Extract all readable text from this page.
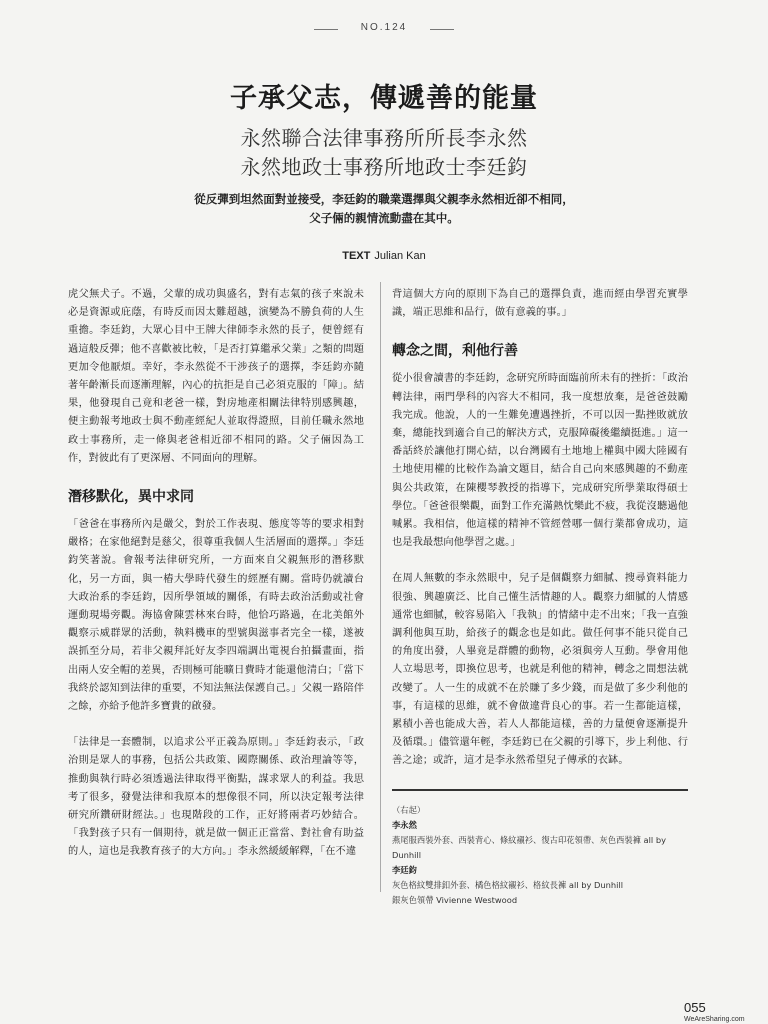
NO.124
子承父志，傳遞善的能量
永然聯合法律事務所所長李永然
永然地政士事務所地政士李廷鈞
從反彈到坦然面對並接受，李廷鈞的職業選擇與父親李永然相近卻不相同，
父子倆的親情流動盡在其中。
TEXT Julian Kan

虎父無犬子。不過，父輩的成功與盛名，對有志氣的孩子來說未必是資源或庇蔭，有時反而因太難超越，演變為不勝負荷的人生重擔。李廷鈞，大眾心目中王牌大律師李永然的長子，便曾經有過這般反彈；他不喜歡被比較，「是否打算繼承父業」之類的問題更加令他厭煩。幸好，李永然從不干涉孩子的選擇，李廷鈞亦隨著年齡漸長而逐漸理解，內心的抗拒是自己必須克服的「障」。結果，他發現自己竟和老爸一樣，對房地產相關法律特別感興趣，便主動報考地政士與不動產經紀人並取得證照，目前任職永然地政士事務所，走一條與老爸相近卻不相同的路。父子倆因為工作，對彼此有了更深層、不同面向的理解。

潛移默化，異中求同

「爸爸在事務所內是嚴父，對於工作表現、態度等等的要求相對嚴格；在家他絕對是慈父，很尊重我個人生活層面的選擇。」李廷鈞笑著說。會報考法律研究所，一方面來自父親無形的潛移默化，另一方面，與一樁大學時代發生的經歷有關。當時仍就讀台大政治系的李廷鈞，因所學領域的關係，有時去政治活動或社會運動現場旁觀。海協會陳雲林來台時，他恰巧路過，在北美館外觀察示威群眾的活動，執料機車的型號與滋事者完全一樣，遂被誤抓至分局，若非父親拜託好友李四端調出電視台拍攝畫面，指出兩人安全帽的差異，否則極可能曠日費時才能還他清白；「當下我終於認知到法律的重要，不知法無法保護自己。」父親一路陪伴之餘，亦給予他許多寶貴的啟發。

「法律是一套體制，以追求公平正義為原則。」李廷鈞表示，「政治則是眾人的事務，包括公共政策、國際關係、政治理論等等，推動與執行時必須透過法律取得平衡點，謀求眾人的利益。我思考了很多，發覺法律和我原本的想像很不同，所以決定報考法律研究所鑽研財經法。」也現階段的工作，正好將兩者巧妙結合。「我對孩子只有一個期待，就是做一個正正當當、對社會有助益的人，這也是我教育孩子的大方向。」李永然緩緩解釋，「在不違

背這個大方向的原則下為自己的選擇負責，進而經由學習充實學識，端正思維和品行，做有意義的事。」

轉念之間，利他行善

從小很會讀書的李廷鈞，念研究所時面臨前所未有的挫折：「政治轉法律，兩門學科的內容大不相同，我一度想放棄，是爸爸鼓勵我完成。他說，人的一生難免遭遇挫折，不可以因一點挫敗就放棄，總能找到適合自己的解決方式，克服障礙後繼續挺進。」這一番話終於讓他打開心結，以台灣國有土地地上權與中國大陸國有土地使用權的比較作為論文題目，結合自己向來感興趣的不動產與公共政策，在陳櫻琴教授的指導下，完成研究所學業取得碩士學位。「爸爸很樂觀，面對工作充滿熱忱樂此不疲，我從沒聽過他喊累。我相信，他這樣的精神不管經營哪一個行業都會成功，這也是我最想向他學習之處。」

在周人無數的李永然眼中，兒子是個觀察力細膩、搜尋資料能力很強、興趣廣泛、比自己懂生活情趣的人。觀察力細膩的人情感通常也細膩，較容易陷入「我執」的情緒中走不出來；「我一直強調利他與互助，給孩子的觀念也是如此。做任何事不能只從自己的角度出發，人畢竟是群體的動物，必須與旁人互動。學會用他人立場思考，即換位思考，也就是利他的精神，轉念之間想法就改變了。人一生的成就不在於賺了多少錢，而是做了多少利他的事，有這樣的思維，就不會做違背良心的事。若一生都能這樣，累積小善也能成大善，若人人都能這樣，善的力量便會逐漸提升及循環。」儘管還年輕，李廷鈞已在父親的引導下，步上利他、行善之途；或許，這才是李永然希望兒子傳承的衣缽。

（右起）
李永然
燕尾服西裝外套、西裝背心、條紋襯衫、復古印花領帶、灰色西裝褲 all by Dunhill
李廷鈞
灰色格紋雙排釦外套、橘色格紋襯衫、格紋長褲 all by Dunhill
銀灰色領帶 Vivienne Westwood
055
WeAreSharing.com
